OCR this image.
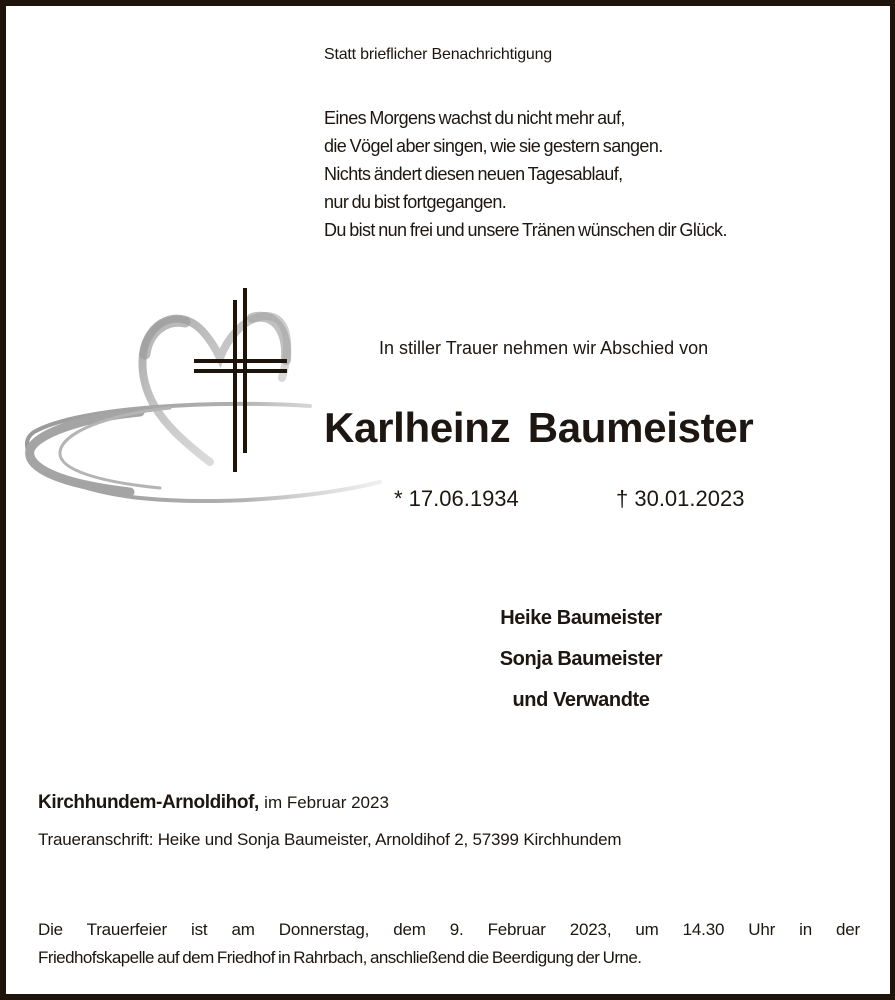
Statt brieflicher Benachrichtigung
Eines Morgens wachst du nicht mehr auf,
die Vögel aber singen, wie sie gestern sangen.
Nichts ändert diesen neuen Tagesablauf,
nur du bist fortgegangen.
Du bist nun frei und unsere Tränen wünschen dir Glück.
In stiller Trauer nehmen wir Abschied von
Karlheinz Baumeister
* 17.06.1934	† 30.01.2023
Heike Baumeister
Sonja Baumeister
und Verwandte
Kirchhundem-Arnoldihof, im Februar 2023
Traueranschrift: Heike und Sonja Baumeister, Arnoldihof 2, 57399 Kirchhundem
Die Trauerfeier ist am Donnerstag, dem 9. Februar 2023, um 14.30 Uhr in der
Friedhofskapelle auf dem Friedhof in Rahrbach, anschließend die Beerdigung der Urne.
